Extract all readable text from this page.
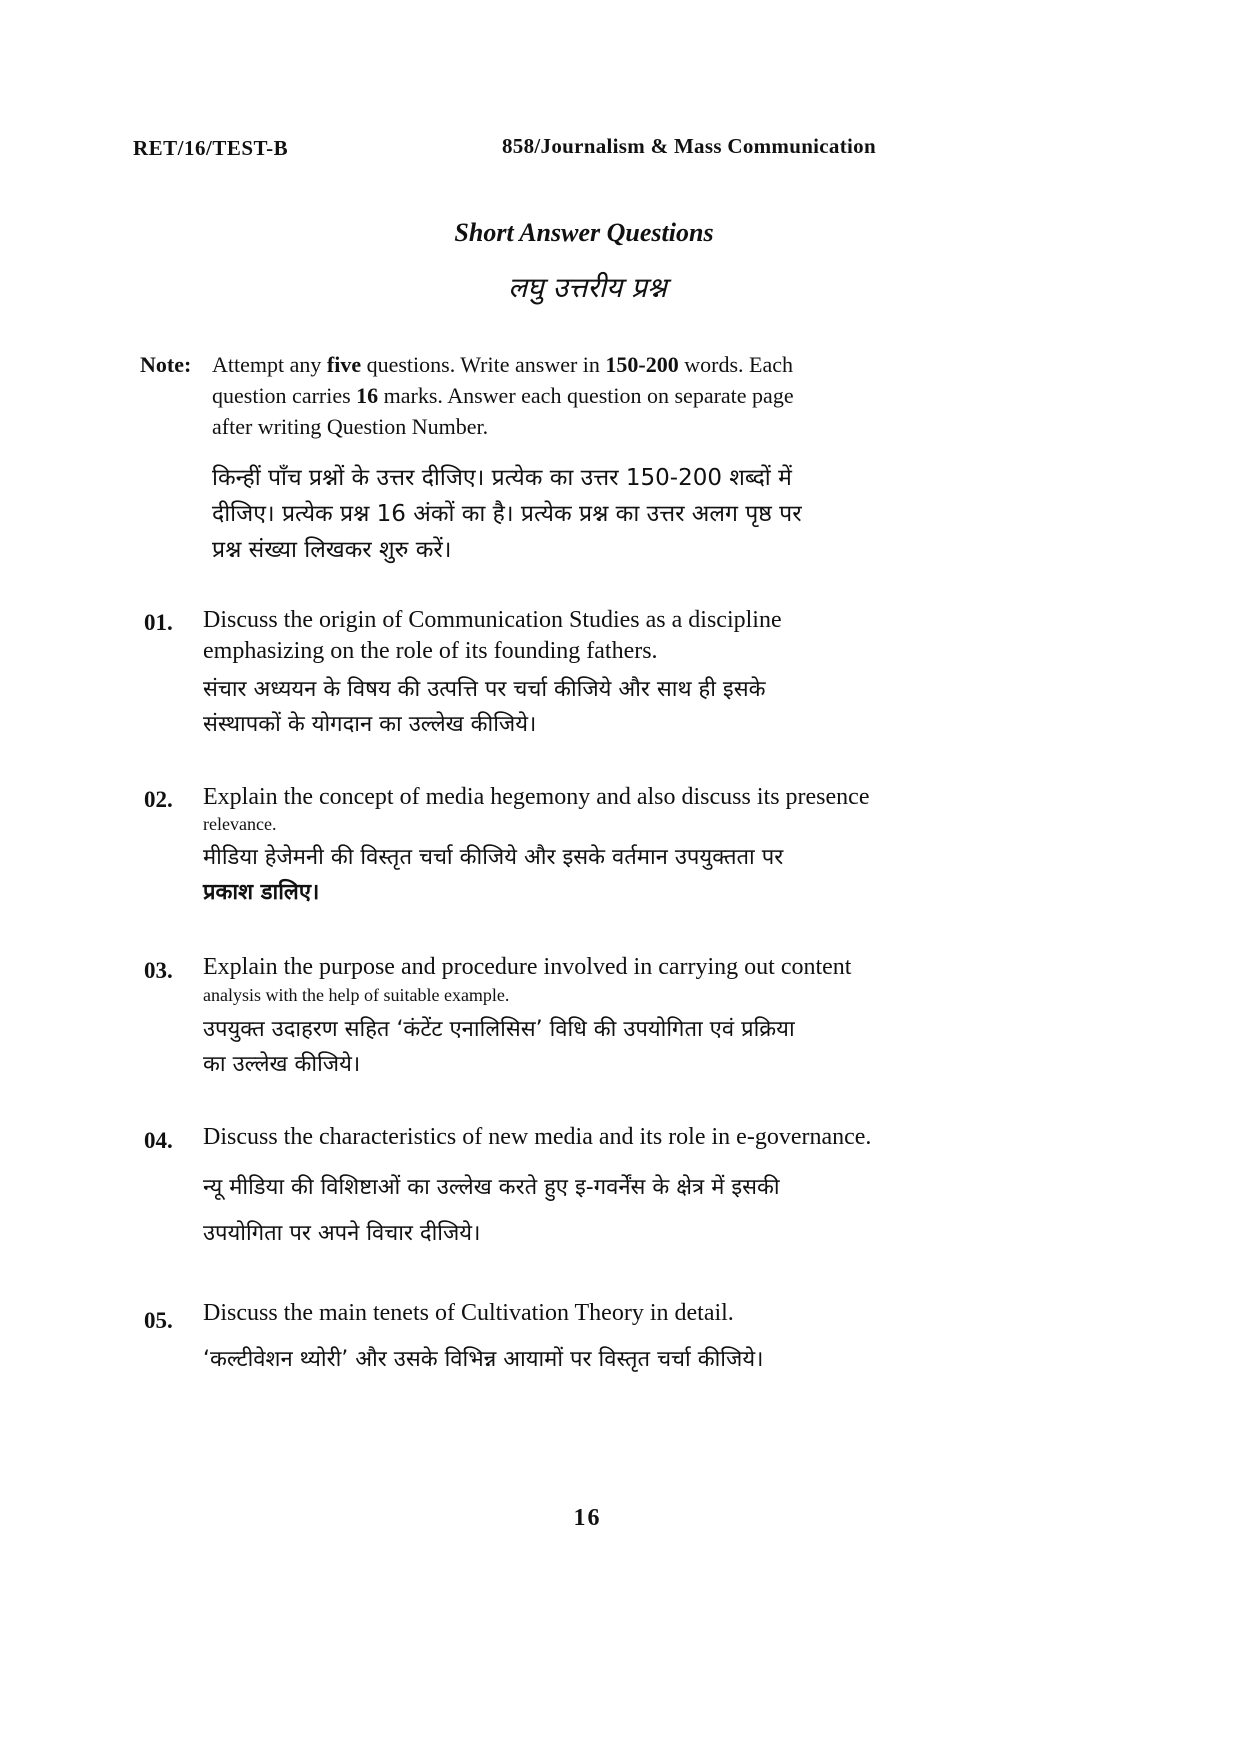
RET/16/TEST-B	858/Journalism & Mass Communication
Short Answer Questions
लघु उत्तरीय प्रश्न
Note: Attempt any five questions. Write answer in 150-200 words. Each
question carries 16 marks. Answer each question on separate page
after writing Question Number.
किन्हीं पाँच प्रश्नों के उत्तर दीजिए। प्रत्येक का उत्तर 150-200 शब्दों में
दीजिए। प्रत्येक प्रश्न 16 अंकों का है। प्रत्येक प्रश्न का उत्तर अलग पृष्ठ पर
प्रश्न संख्या लिखकर शुरु करें।
01. Discuss the origin of Communication Studies as a discipline
emphasizing on the role of its founding fathers.
संचार अध्ययन के विषय की उत्पत्ति पर चर्चा कीजिये और साथ ही इसके
संस्थापकों के योगदान का उल्लेख कीजिये।
02. Explain the concept of media hegemony and also discuss its presence
relevance.
मीडिया हेजेमनी की विस्तृत चर्चा कीजिये और इसके वर्तमान उपयुक्तता पर
प्रकाश डालिए।
03. Explain the purpose and procedure involved in carrying out content
analysis with the help of suitable example.
उपयुक्त उदाहरण सहित ‘कंटेंट एनालिसिस’ विधि की उपयोगिता एवं प्रक्रिया
का उल्लेख कीजिये।
04. Discuss the characteristics of new media and its role in e-governance.
न्यू मीडिया की विशिष्टाओं का उल्लेख करते हुए इ-गवर्नेंस के क्षेत्र में इसकी
उपयोगिता पर अपने विचार दीजिये।
05. Discuss the main tenets of Cultivation Theory in detail.
‘कल्टीवेशन थ्योरी’ और उसके विभिन्न आयामों पर विस्तृत चर्चा कीजिये।
16
